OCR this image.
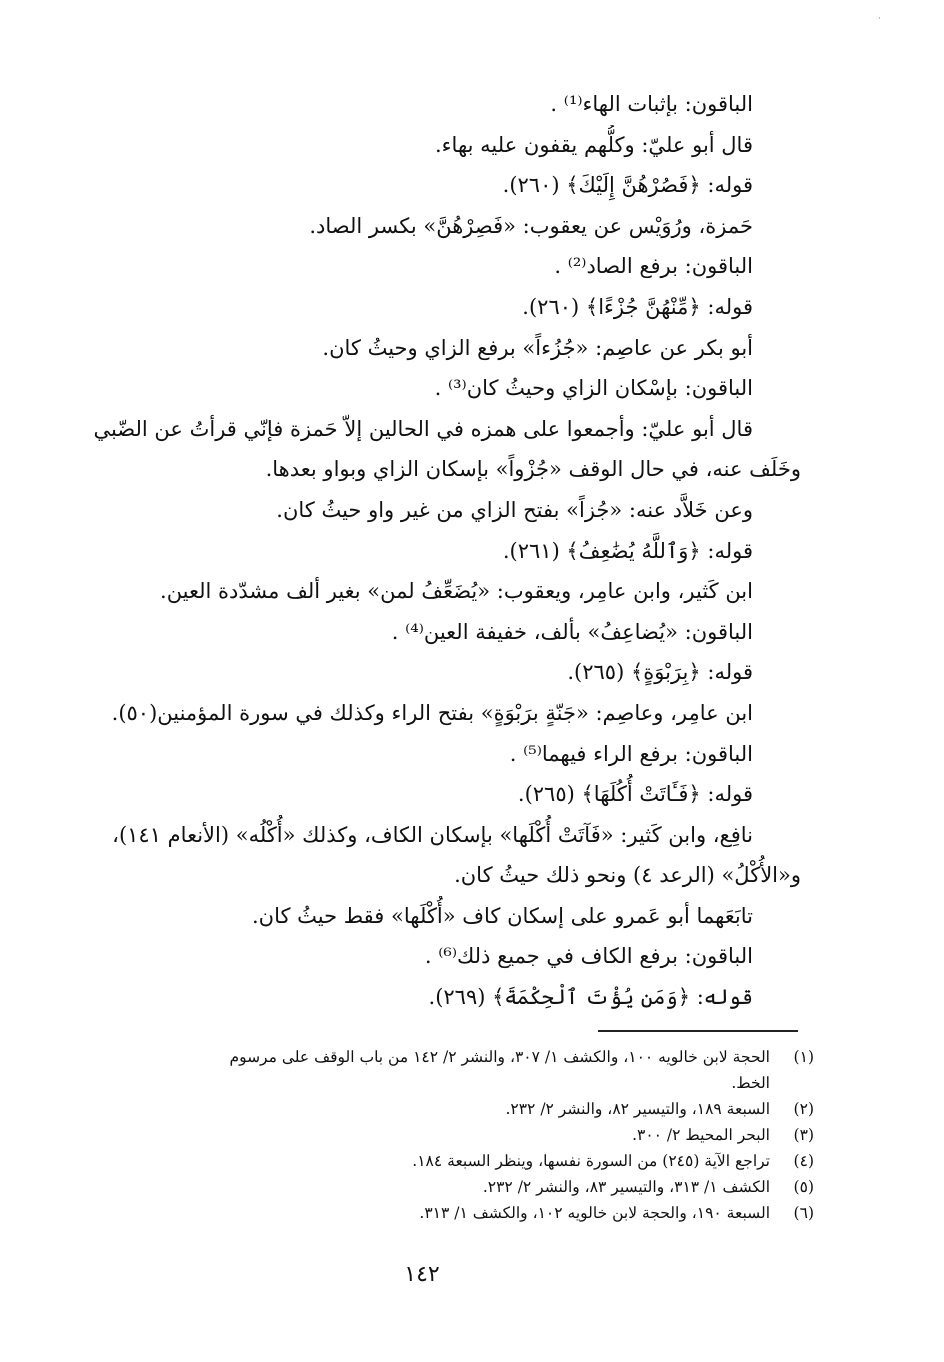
·
الباقون: بإثبات الهاء⁽¹⁾ .
قال أبو عليّ: وكلُّهم يقفون عليه بهاء.
قوله: ﴿فَصُرْهُنَّ إِلَيْكَ﴾ (٢٦٠).
حَمزة، ورُوَيْس عن يعقوب: «فَصِرْهُنَّ» بكسر الصاد.
الباقون: برفع الصاد⁽²⁾ .
قوله: ﴿مِّنْهُنَّ جُزْءًا﴾ (٢٦٠).
أبو بكر عن عاصِم: «جُزُءاً» برفع الزاي وحيثُ كان.
الباقون: بإسْكان الزاي وحيثُ كان⁽³⁾ .
قال أبو عليّ: وأجمعوا على همزه في الحالين إلاّ حَمزة فإنّي قرأتُ عن الضّبي
وخَلَف عنه، في حال الوقف «جُزْواً» بإسكان الزاي وبواو بعدها.
وعن خَلاَّد عنه: «جُزاً» بفتح الزاي من غير واو حيثُ كان.
قوله: ﴿وَٱللَّهُ يُضَٰعِفُ﴾ (٢٦١).
ابن كَثير، وابن عامِر، ويعقوب: «يُضَعِّفُ لمن» بغير ألف مشدّدة العين.
الباقون: «يُضاعِفُ» بألف، خفيفة العين⁽⁴⁾ .
قوله: ﴿بِرَبْوَةٍ﴾ (٢٦٥).
ابن عامِر، وعاصِم: «جَنّةٍ برَبْوَةٍ» بفتح الراء وكذلك في سورة المؤمنين(٥٠).
الباقون: برفع الراء فيهما⁽⁵⁾ .
قوله: ﴿فَـَٔاتَتْ أُكُلَهَا﴾ (٢٦٥).
نافِع، وابن كَثير: «فَآتَتْ أُكْلَها» بإسكان الكاف، وكذلك «أُكْلُه» (الأنعام ١٤١)،
و«الأُكْلُ» (الرعد ٤) ونحو ذلك حيثُ كان.
تابَعَهما أبو عَمرو على إسكان كاف «أُكْلَها» فقط حيثُ كان.
الباقون: برفع الكاف في جميع ذلك⁽⁶⁾ .
قوله: ﴿وَمَن يُؤْتَ ٱلْحِكْمَةَ﴾ (٢٦٩).
(١)
الحجة لابن خالويه ١٠٠، والكشف ١/ ٣٠٧، والنشر ٢/ ١٤٢ من باب الوقف على مرسوم
الخط.
(٢)
السبعة ١٨٩، والتيسير ٨٢، والنشر ٢/ ٢٣٢.
(٣)
البحر المحيط ٢/ ٣٠٠.
(٤)
تراجع الآية (٢٤٥) من السورة نفسها، وينظر السبعة ١٨٤.
(٥)
الكشف ١/ ٣١٣، والتيسير ٨٣، والنشر ٢/ ٢٣٢.
(٦)
السبعة ١٩٠، والحجة لابن خالويه ١٠٢، والكشف ١/ ٣١٣.
١٤٢
